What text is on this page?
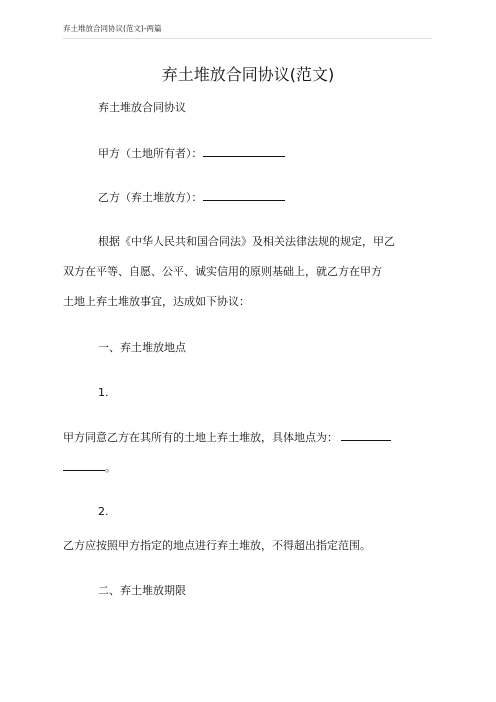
弃土堆放合同协议(范文)-两篇
弃土堆放合同协议(范文)
弃土堆放合同协议
甲方（土地所有者）：
乙方（弃土堆放方）：
根据《中华人民共和国合同法》及相关法律法规的规定，甲乙
双方在平等、自愿、公平、诚实信用的原则基础上，就乙方在甲方
土地上弃土堆放事宜，达成如下协议：
一、弃土堆放地点
1.
甲方同意乙方在其所有的土地上弃土堆放，具体地点为：
。
2.
乙方应按照甲方指定的地点进行弃土堆放，不得超出指定范围。
二、弃土堆放期限
